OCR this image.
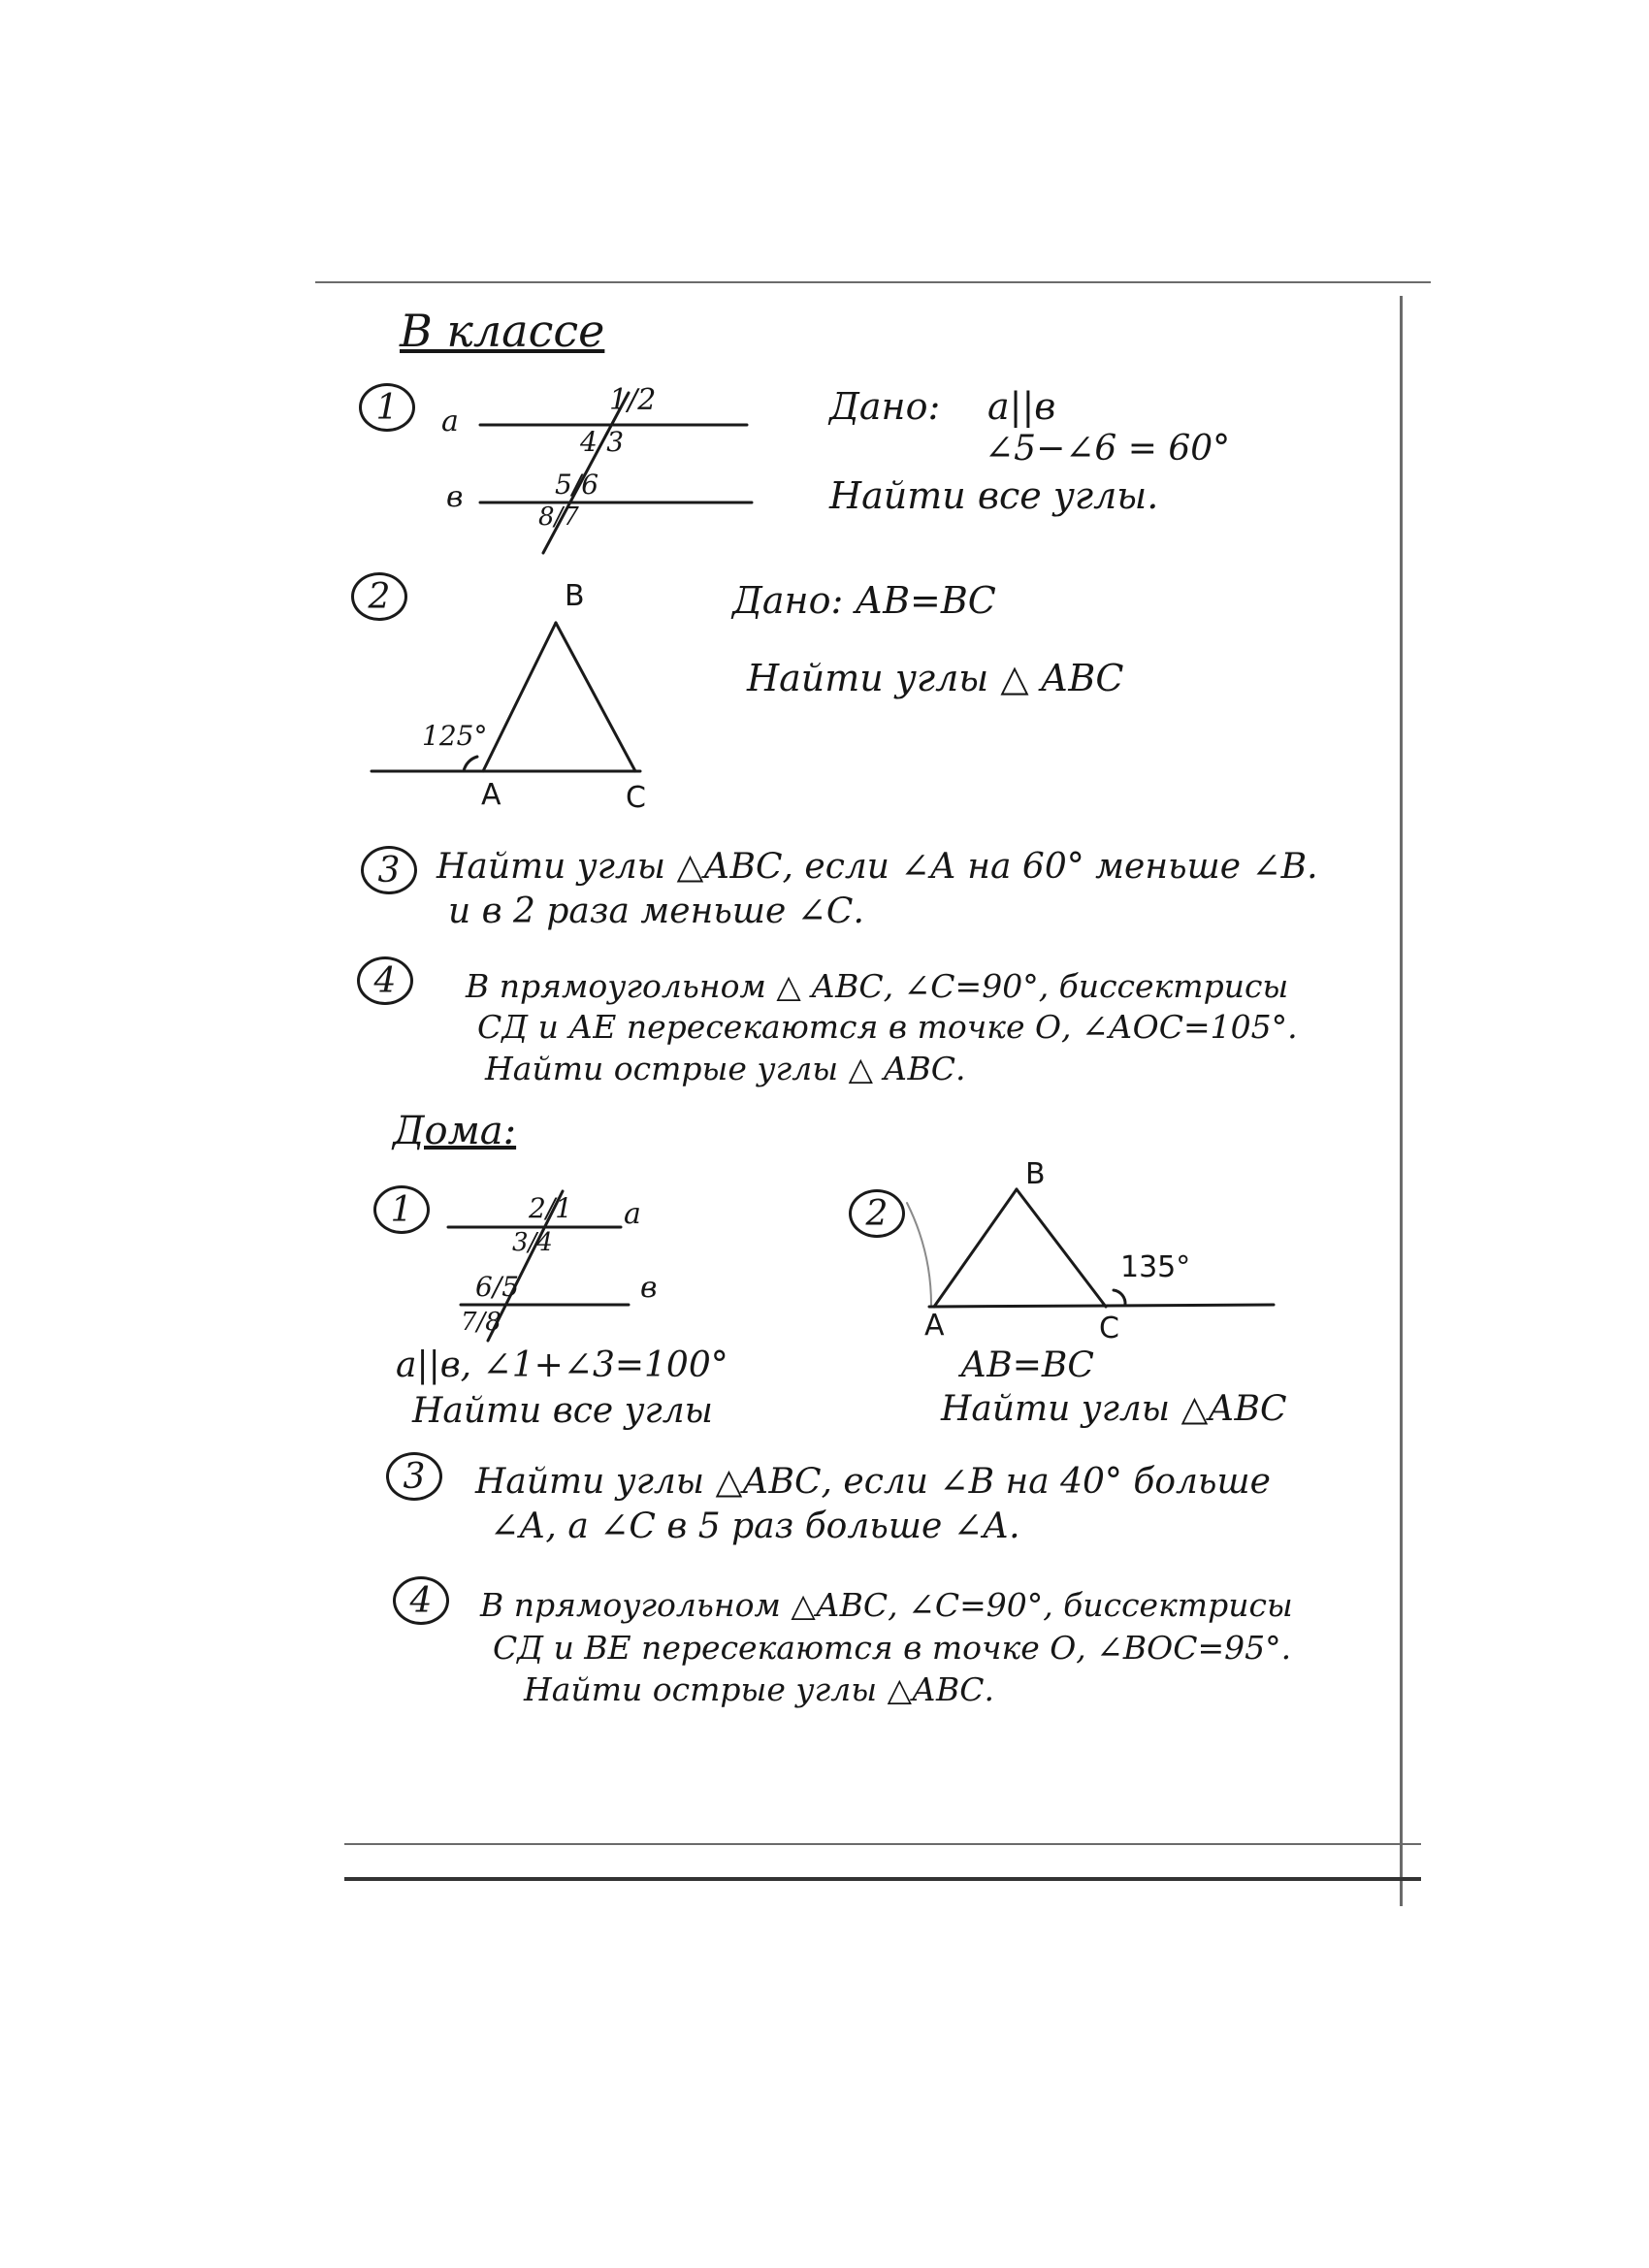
В классе
1	а
в
1/2
4/3
5/6
8/7
Дано: а||в
∠5−∠6 = 60°
Найти все углы.
2	B
A	C
125°
Дано: АВ=ВС
Найти углы △ АВС
3	Найти углы △АВС, если ∠А на 60° меньше ∠В.
и в 2 раза меньше ∠С.
4	В прямоугольном △ АВС, ∠С=90°, биссектрисы
СД и АЕ пересекаются в точке О, ∠АОС=105°.
Найти острые углы △ АВС.
Дома:
1	2/1
3/4
6/5
7/8
а
в
а||в, ∠1+∠3=100°
Найти все углы
2
B
A	C
135°
АВ=ВС
Найти углы △АВС
3	Найти углы △АВС, если ∠В на 40° больше
∠А, а ∠С в 5 раз больше ∠А.
4	В прямоугольном △АВС, ∠С=90°, биссектрисы
СД и ВЕ пересекаются в точке О, ∠ВОС=95°.
Найти острые углы △АВС.
